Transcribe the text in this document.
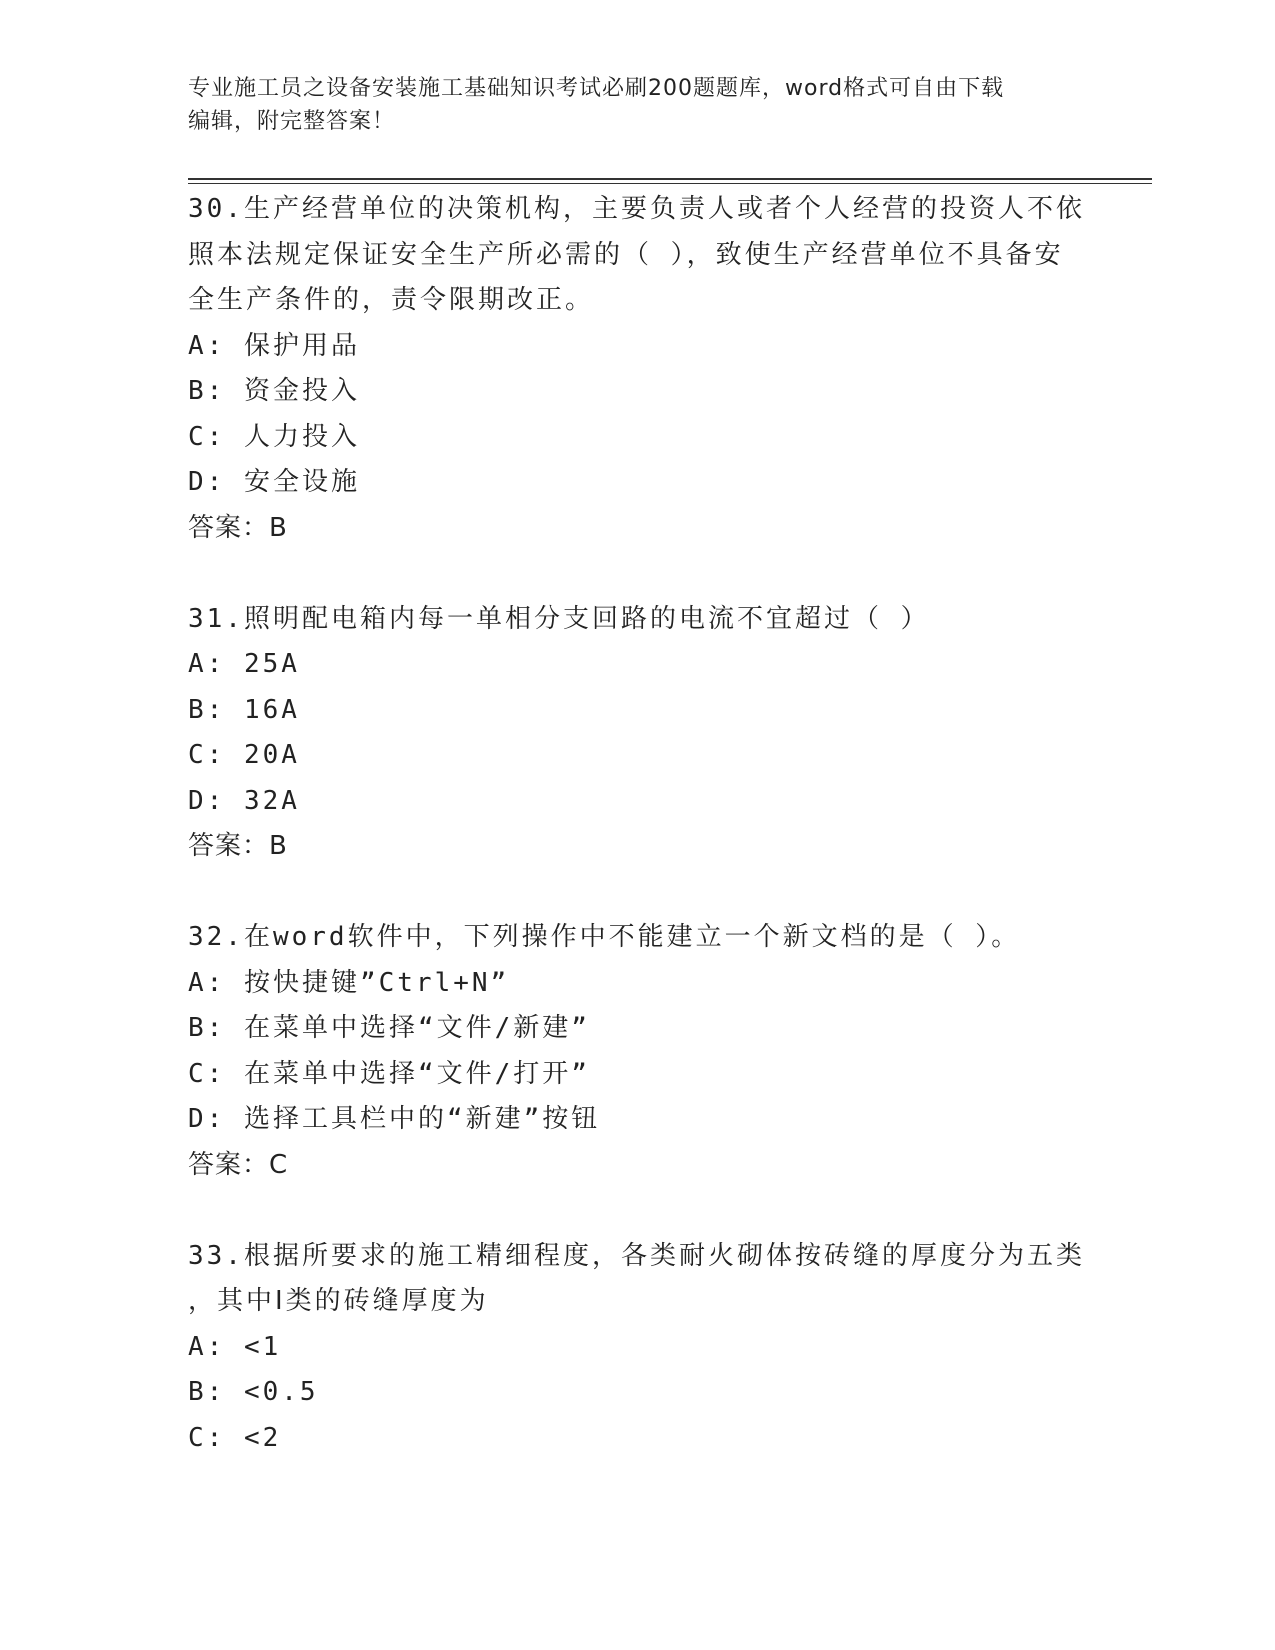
专业施工员之设备安装施工基础知识考试必刷200题题库，word格式可自由下载
编辑，附完整答案！
30.生产经营单位的决策机构，主要负责人或者个人经营的投资人不依
照本法规定保证安全生产所必需的（ ），致使生产经营单位不具备安
全生产条件的，责令限期改正。
A: 保护用品
B: 资金投入
C: 人力投入
D: 安全设施
答案：B
31.照明配电箱内每一单相分支回路的电流不宜超过（ ）
A: 25A
B: 16A
C: 20A
D: 32A
答案：B
32.在word软件中，下列操作中不能建立一个新文档的是（ ）。
A: 按快捷键”Ctrl+N”
B: 在菜单中选择“文件/新建”
C: 在菜单中选择“文件/打开”
D: 选择工具栏中的“新建”按钮
答案：C
33.根据所要求的施工精细程度，各类耐火砌体按砖缝的厚度分为五类
，其中Ⅰ类的砖缝厚度为
A: <1
B: <0.5
C: <2
